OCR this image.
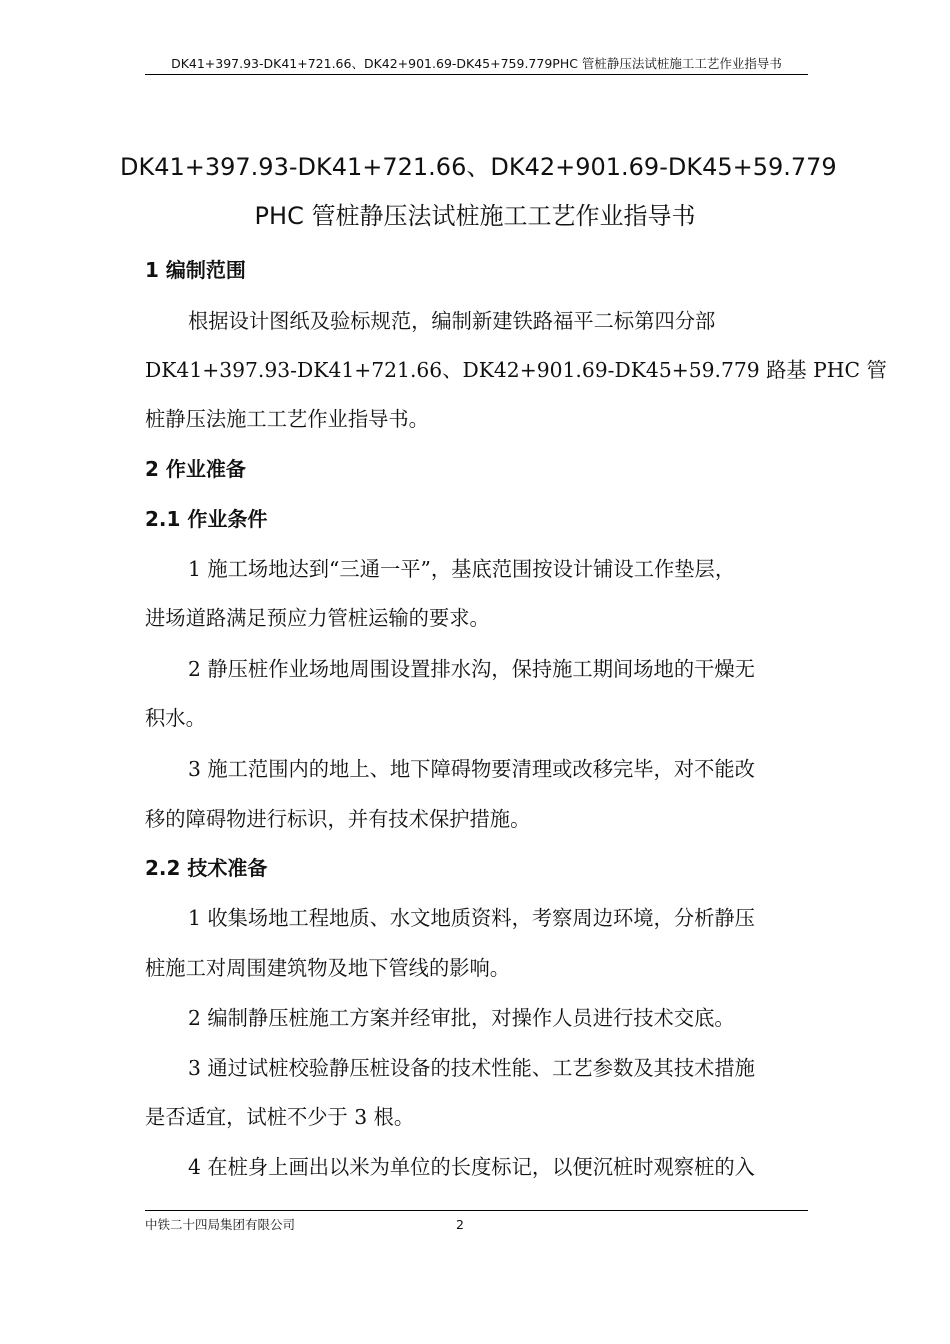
DK41+397.93-DK41+721.66、DK42+901.69-DK45+759.779PHC 管桩静压法试桩施工工艺作业指导书
DK41+397.93-DK41+721.66、DK42+901.69-DK45+59.779
PHC 管桩静压法试桩施工工艺作业指导书
1 编制范围
根据设计图纸及验标规范，编制新建铁路福平二标第四分部
DK41+397.93-DK41+721.66、DK42+901.69-DK45+59.779 路基 PHC 管
桩静压法施工工艺作业指导书。
2 作业准备
2.1 作业条件
1 施工场地达到“三通一平”，基底范围按设计铺设工作垫层，
进场道路满足预应力管桩运输的要求。
2 静压桩作业场地周围设置排水沟，保持施工期间场地的干燥无
积水。
3 施工范围内的地上、地下障碍物要清理或改移完毕，对不能改
移的障碍物进行标识，并有技术保护措施。
2.2 技术准备
1 收集场地工程地质、水文地质资料，考察周边环境，分析静压
桩施工对周围建筑物及地下管线的影响。
2 编制静压桩施工方案并经审批，对操作人员进行技术交底。
3 通过试桩校验静压桩设备的技术性能、工艺参数及其技术措施
是否适宜，试桩不少于 3 根。
4 在桩身上画出以米为单位的长度标记，以便沉桩时观察桩的入
中铁二十四局集团有限公司	2
